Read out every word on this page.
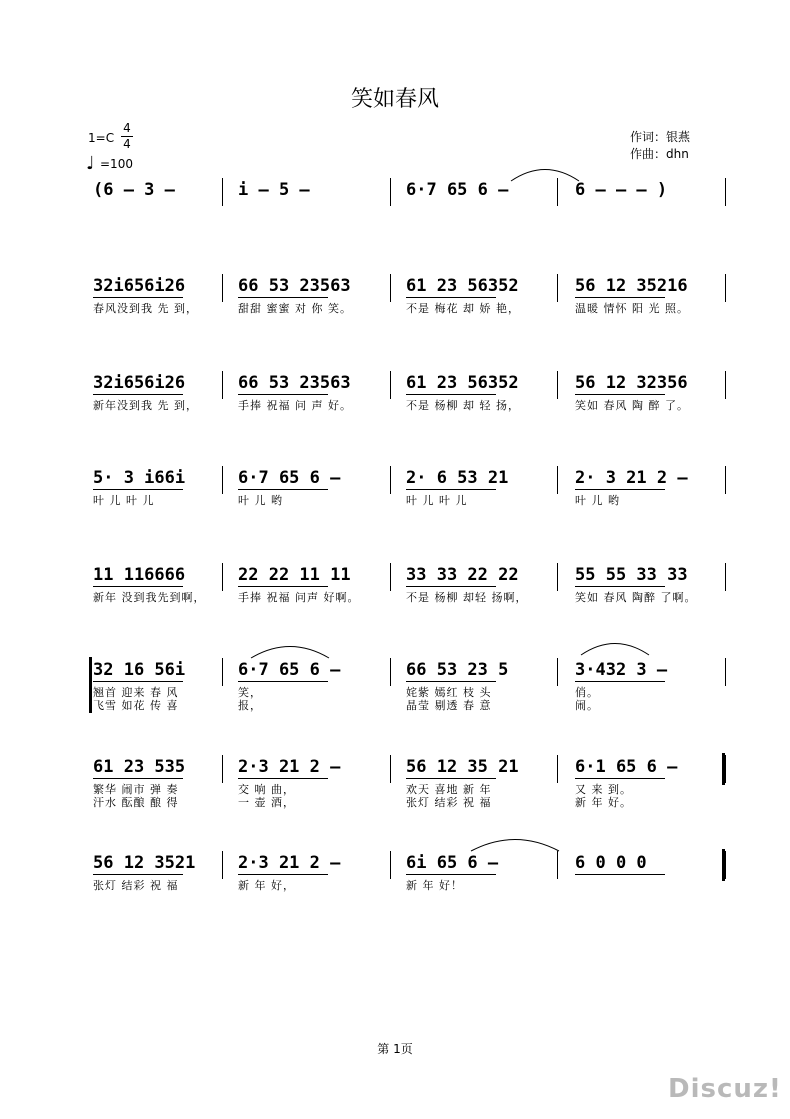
笑如春风
1=C
4
4
♩ =100
作词：银燕
作曲：dhn
(6 – 3 –	i – 5 –	6·7 65 6 –	6 – – – )
32i656i26
春风没到我 先 到，
66 53 23563
甜甜 蜜蜜 对 你 笑。
61 23 56352
不是 梅花 却 娇 艳，
56 12 35216
温暖 情怀 阳 光 照。
32i656i26
新年没到我 先 到，
66 53 23563
手捧 祝福 问 声 好。
61 23 56352
不是 杨柳 却 轻 扬，
56 12 32356
笑如 春风 陶 醉 了。
5· 3 i66i
叶 儿 叶 儿
6·7 65 6 –
叶 儿 哟
2· 6 53 21
叶 儿 叶 儿
2· 3 21 2 –
叶 儿 哟
11 116666
新年 没到我先到啊，
22 22 11 11
手捧 祝福 问声 好啊。
33 33 22 22
不是 杨柳 却轻 扬啊，
55 55 33 33
笑如 春风 陶醉 了啊。
32 16 56i
翘首 迎来 春 风
飞雪 如花 传 喜
6·7 65 6 –
笑，
报，
66 53 23 5
姹紫 嫣红 枝 头
晶莹 剔透 春 意
3·432 3 –
俏。
闹。
61 23 535
繁华 闹市 弹 奏
汗水 酝酿 酿 得
2·3 21 2 –
交 响 曲，
一 壶 酒，
56 12 35 21
欢天 喜地 新 年
张灯 结彩 祝 福
6·1 65 6 –
又 来 到。
新 年 好。
56 12 3521
张灯 结彩 祝 福
2·3 21 2 –
新 年 好，
6i 65 6 –
新 年 好！
6 0 0 0
第 1页
Discuz!
